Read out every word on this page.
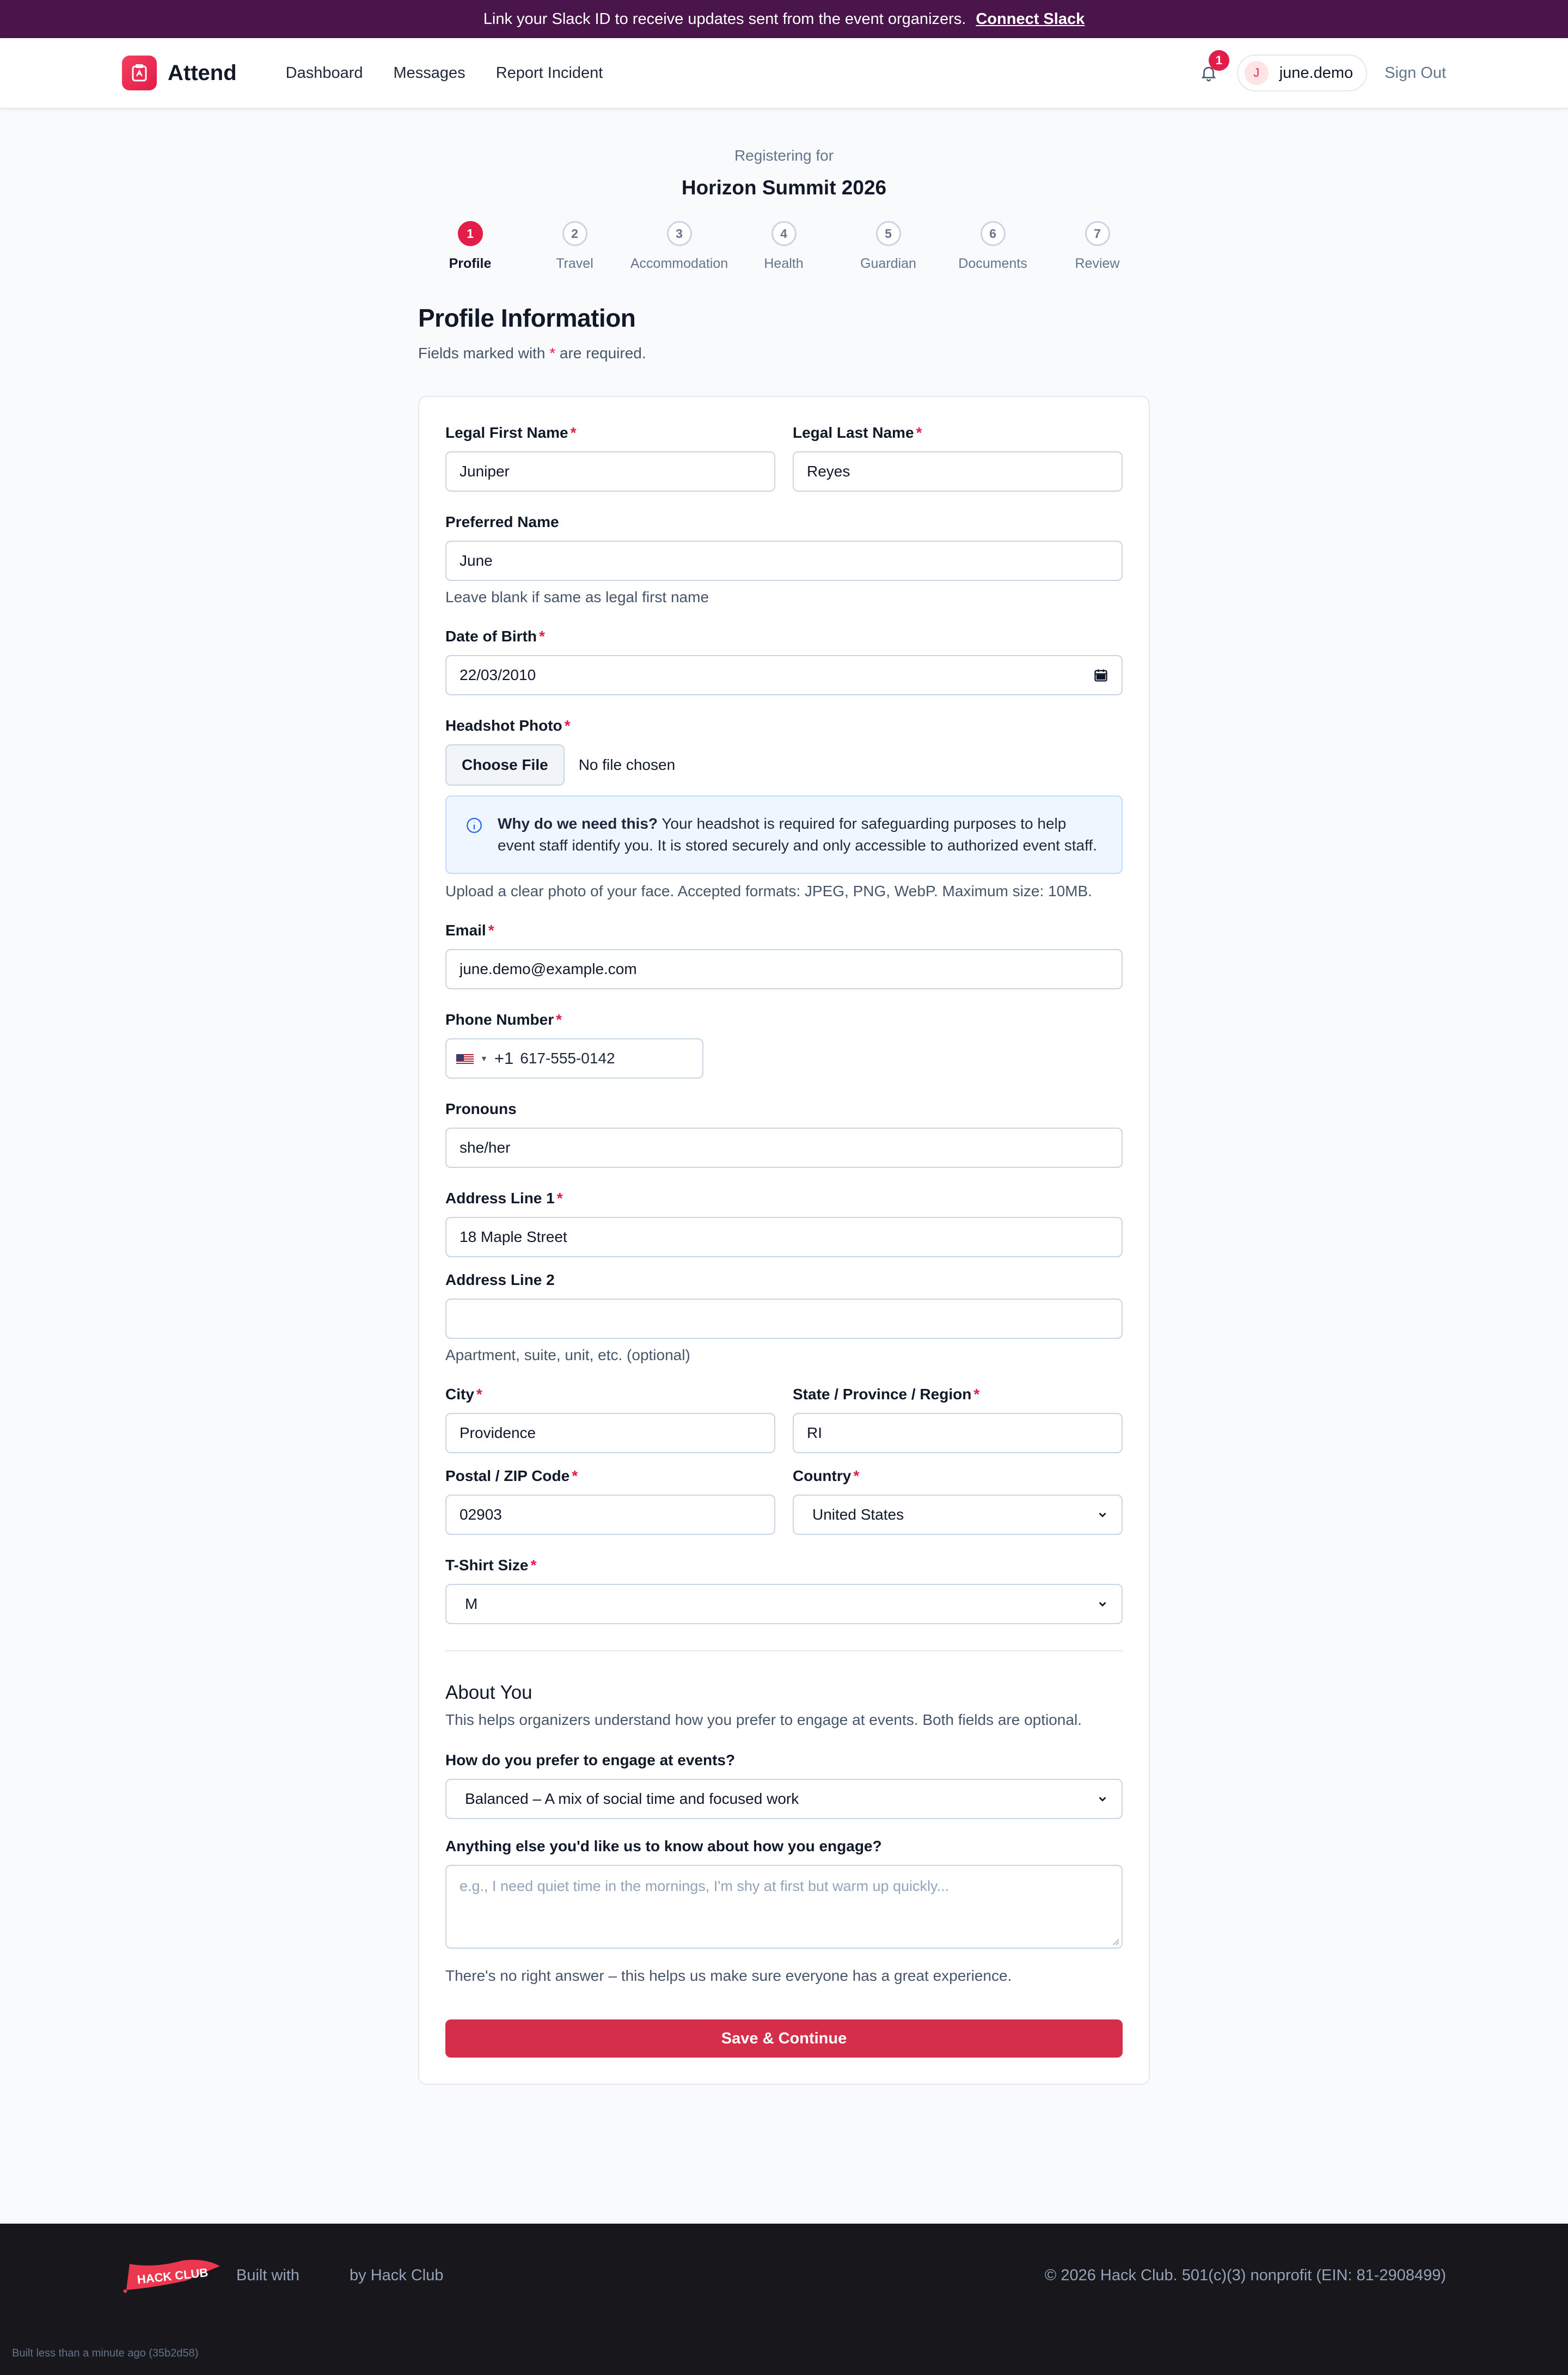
Link your Slack ID to receive updates sent from the event organizers. Connect Slack
Attend	Dashboard Messages Report Incident
1
J	june.demo Sign Out
Registering for
Horizon Summit 2026
1
Profile
2
Travel
3
Accommodation
4
Health
5
Guardian
6
Documents
7
Review
Profile Information

Fields marked with * are required.

Legal First Name *
Juniper
Legal Last Name *
Reyes
Preferred Name
June
Leave blank if same as legal first name
Date of Birth *
22/03/2010
Headshot Photo *
Choose File	No file chosen

Why do we need this? Your headshot is required for safeguarding purposes to help event staff identify you. It is stored securely and only accessible to authorized event staff.

Upload a clear photo of your face. Accepted formats: JPEG, PNG, WebP. Maximum size: 10MB.
Email *
june.demo@example.com
Phone Number *
▼ +1 617-555-0142
Pronouns
she/her
Address Line 1 *
18 Maple Street
Address Line 2
Apartment, suite, unit, etc. (optional)
City *
Providence
State / Province / Region *
RI
Postal / ZIP Code *
02903
Country *
United States
T-Shirt Size *
M
About You
This helps organizers understand how you prefer to engage at events. Both fields are optional.
How do you prefer to engage at events?
Balanced – A mix of social time and focused work
Anything else you'd like us to know about how you engage?
e.g., I need quiet time in the mornings, I'm shy at first but warm up quickly...
There's no right answer – this helps us make sure everyone has a great experience.
Save & Continue
HACK CLUB Built with	by Hack Club	© 2026 Hack Club. 501(c)(3) nonprofit (EIN: 81-2908499)
Built less than a minute ago (35b2d58)
